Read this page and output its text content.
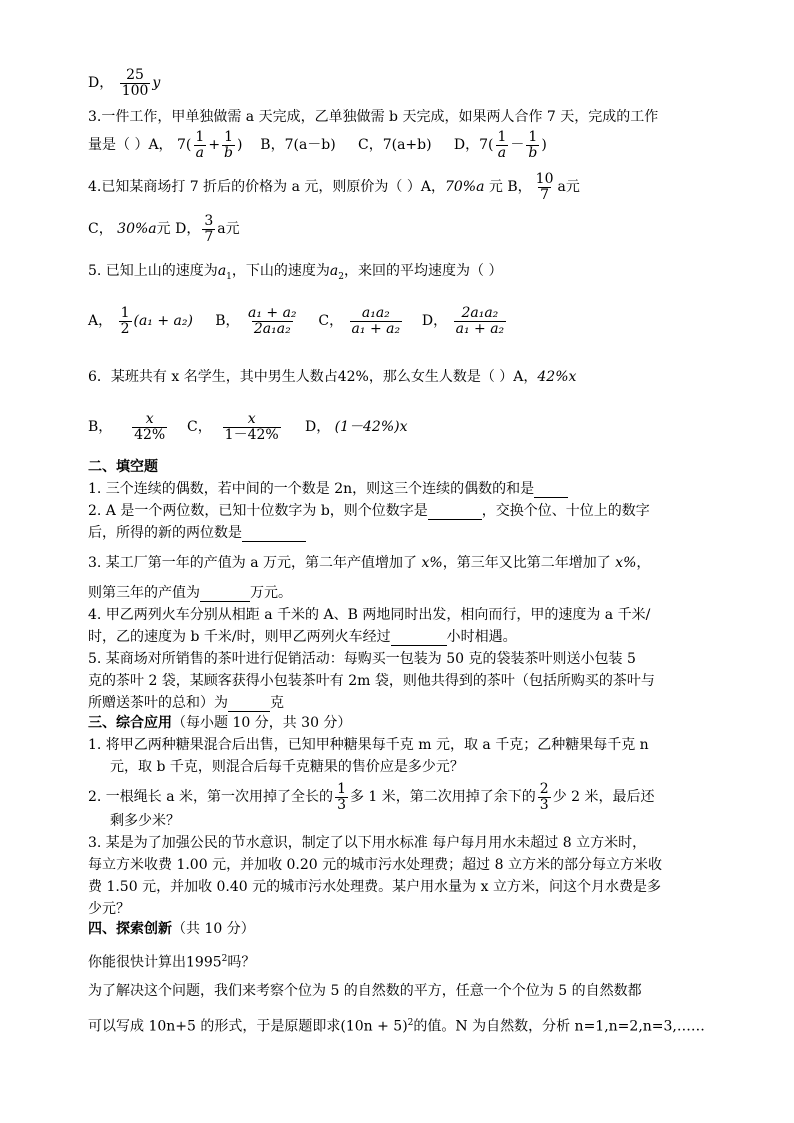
D， $\frac{25}{100}$ y
3.一件工作，甲单独做需 a 天完成，乙单独做需 b 天完成，如果两人合作 7 天，完成的工作
量是（ ）A， $7( \frac{1}{a} + \frac{1}{b}$ ) B，7(a－b) C，7(a+b) D，$7( \frac{1}{a} - \frac{1}{b}$ )
4.已知某商场打 7 折后的价格为 a 元，则原价为（ ）A，70%a 元 B， $\frac{10}{7}$ a元
C， 30%a元 D， $\frac{3}{7}$ a元
5. 已知上山的速度为$a_1$，下山的速度为$a_2$，来回的平均速度为（ ）
A， $\frac{1}{2} (a_1 + a_2)$ B， $\frac{\text{a₁ + a₂}}{\text{2a₁a₂}}$ C， $\frac{\text{a₁a₂}}{\text{a₁ + a₂}}$ D， $\frac{\text{2a₁a₂}}{\text{a₁ + a₂}}$
6．某班共有 x 名学生，其中男生人数占42%，那么女生人数是（ ）A，42%x
B， $\frac{x}{42\%}$ C， $\frac{x}{1-42\%}$ D， (1－42%)x
二、填空题
1. 三个连续的偶数，若中间的一个数是 2n，则这三个连续的偶数的和是
2. A 是一个两位数，已知十位数字为 b，则个位数字是	，交换个位、十位上的数字
后，所得的新的两位数是
3. 某工厂第一年的产值为 a 万元，第二年产值增加了 x%，第三年又比第二年增加了 x%，
则第三年的产值为	万元。
4. 甲乙两列火车分别从相距 a 千米的 A、B 两地同时出发，相向而行，甲的速度为 a 千米/
时，乙的速度为 b 千米/时，则甲乙两列火车经过	小时相遇。
5. 某商场对所销售的茶叶进行促销活动：每购买一包装为 50 克的袋装茶叶则送小包装 5
克的茶叶 2 袋，某顾客获得小包装茶叶有 2m 袋，则他共得到的茶叶（包括所购买的茶叶与
所赠送茶叶的总和）为	克
三、综合应用（每小题 10 分，共 30 分）
1. 将甲乙两种糖果混合后出售，已知甲种糖果每千克 m 元，取 a 千克；乙种糖果每千克 n
元，取 b 千克，则混合后每千克糖果的售价应是多少元？
2. 一根绳长 a 米，第一次用掉了全长的 $\frac{1}{3}$ 多 1 米，第二次用掉了余下的 $\frac{2}{3}$ 少 2 米，最后还
剩多少米？
3. 某是为了加强公民的节水意识，制定了以下用水标准 每户每月用水未超过 8 立方米时，
每立方米收费 1.00 元，并加收 0.20 元的城市污水处理费；超过 8 立方米的部分每立方米收
费 1.50 元，并加收 0.40 元的城市污水处理费。某户用水量为 x 立方米，问这个月水费是多
少元？
四、探索创新（共 10 分）
你能很快计算出1995$^2$吗？
为了解决这个问题，我们来考察个位为 5 的自然数的平方，任意一个个位为 5 的自然数都
可以写成 10n+5 的形式，于是原题即求$(10n + 5)^2$的值。N 为自然数，分析 n=1,n=2,n=3,……
